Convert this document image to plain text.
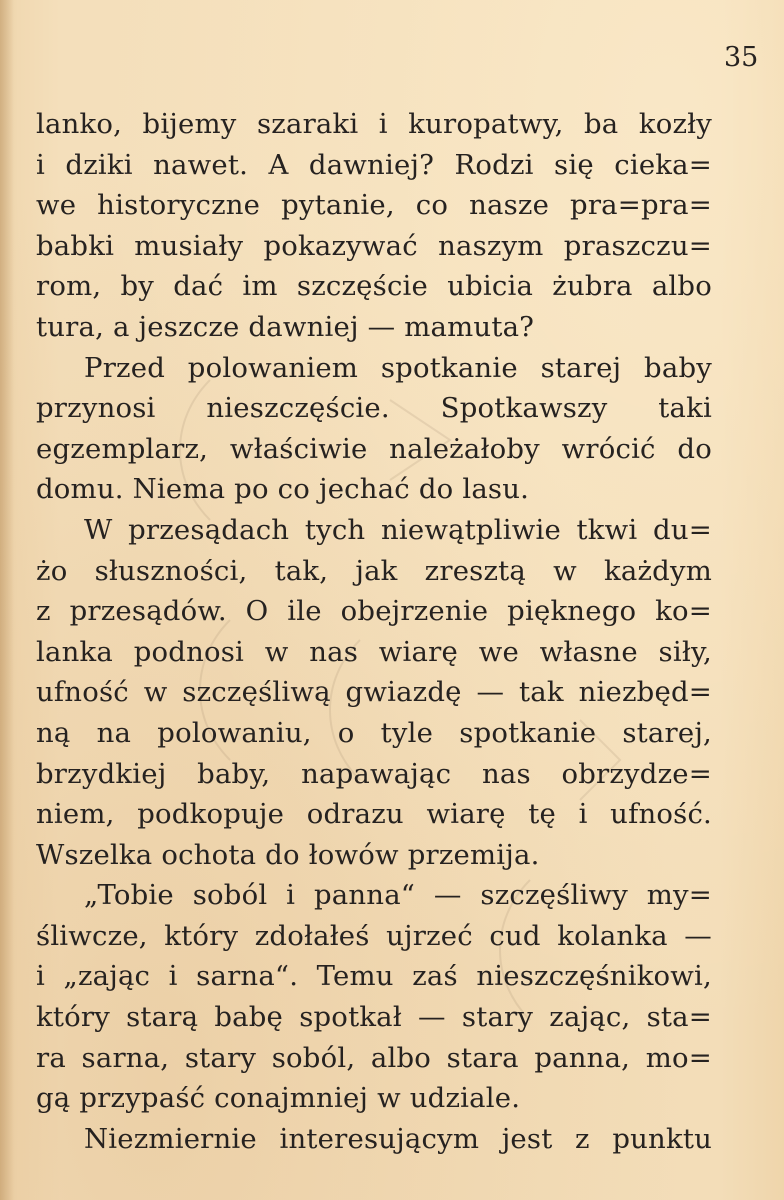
35
lanko, bijemy szaraki i kuropatwy, ba kozły
i dziki nawet. A dawniej? Rodzi się cieka=
we historyczne pytanie, co nasze pra=pra=
babki musiały pokazywać naszym praszczu=
rom, by dać im szczęście ubicia żubra albo
tura, a jeszcze dawniej — mamuta?
Przed polowaniem spotkanie starej baby
przynosi nieszczęście. Spotkawszy taki
egzemplarz, właściwie należałoby wrócić do
domu. Niema po co jechać do lasu.
W przesądach tych niewątpliwie tkwi du=
żo słuszności, tak, jak zresztą w każdym
z przesądów. O ile obejrzenie pięknego ko=
lanka podnosi w nas wiarę we własne siły,
ufność w szczęśliwą gwiazdę — tak niezbęd=
ną na polowaniu, o tyle spotkanie starej,
brzydkiej baby, napawając nas obrzydze=
niem, podkopuje odrazu wiarę tę i ufność.
Wszelka ochota do łowów przemija.
„Tobie soból i panna“ — szczęśliwy my=
śliwcze, który zdołałeś ujrzeć cud kolanka —
i „zając i sarna“. Temu zaś nieszczęśnikowi,
który starą babę spotkał — stary zając, sta=
ra sarna, stary soból, albo stara panna, mo=
gą przypaść conajmniej w udziale.
Niezmiernie interesującym jest z punktu
